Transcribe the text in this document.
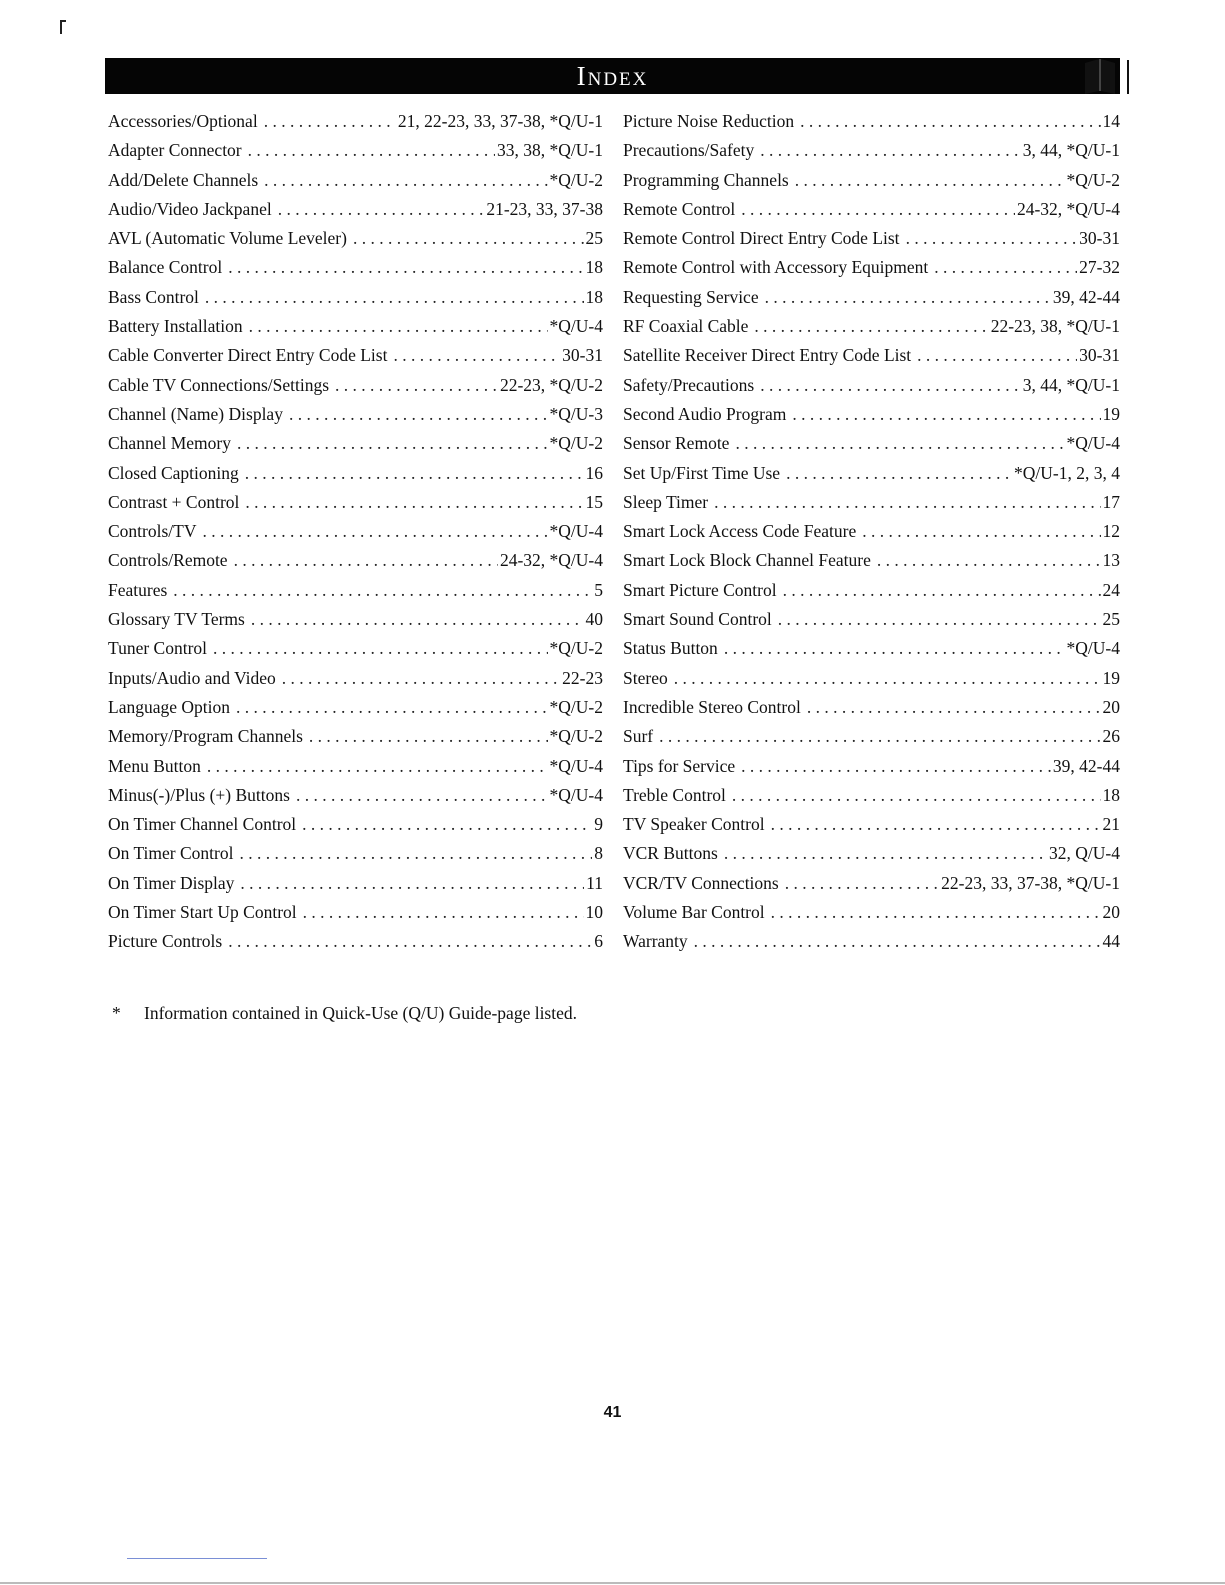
Index
Accessories/Optional . . .	21, 22-23, 33, 37-38, *Q/U-1
Adapter Connector . . .	33, 38, *Q/U-1
Add/Delete Channels . . .	*Q/U-2
Audio/Video Jackpanel . . .	21-23, 33, 37-38
AVL (Automatic Volume Leveler) . . .	25
Balance Control . . .	18
Bass Control . . .	18
Battery Installation . . .	*Q/U-4
Cable Converter Direct Entry Code List . . .	30-31
Cable TV Connections/Settings . . .	22-23, *Q/U-2
Channel (Name) Display . . .	*Q/U-3
Channel Memory . . .	*Q/U-2
Closed Captioning . . .	16
Contrast + Control . . .	15
Controls/TV . . .	*Q/U-4
Controls/Remote . . .	24-32, *Q/U-4
Features . . .	5
Glossary TV Terms . . .	40
Tuner Control . . .	*Q/U-2
Inputs/Audio and Video . . .	22-23
Language Option . . .	*Q/U-2
Memory/Program Channels . . .	*Q/U-2
Menu Button . . .	*Q/U-4
Minus(-)/Plus (+) Buttons . . .	*Q/U-4
On Timer Channel Control . . .	9
On Timer Control . . .	8
On Timer Display . . .	11
On Timer Start Up Control . . .	10
Picture Controls . . .	6
Picture Noise Reduction . . .	14
Precautions/Safety . . .	3, 44, *Q/U-1
Programming Channels . . .	*Q/U-2
Remote Control . . .	24-32, *Q/U-4
Remote Control Direct Entry Code List . . .	30-31
Remote Control with Accessory Equipment . . .	27-32
Requesting Service . . .	39, 42-44
RF Coaxial Cable . . .	22-23, 38, *Q/U-1
Satellite Receiver Direct Entry Code List . . .	30-31
Safety/Precautions . . .	3, 44, *Q/U-1
Second Audio Program . . .	19
Sensor Remote . . .	*Q/U-4
Set Up/First Time Use . . .	*Q/U-1, 2, 3, 4
Sleep Timer . . .	17
Smart Lock Access Code Feature . . .	12
Smart Lock Block Channel Feature . . .	13
Smart Picture Control . . .	24
Smart Sound Control . . .	25
Status Button . . .	*Q/U-4
Stereo . . .	19
Incredible Stereo Control . . .	20
Surf . . .	26
Tips for Service . . .	39, 42-44
Treble Control . . .	18
TV Speaker Control . . .	21
VCR Buttons . . .	32, Q/U-4
VCR/TV Connections . . .	22-23, 33, 37-38, *Q/U-1
Volume Bar Control . . .	20
Warranty . . .	44
* Information contained in Quick-Use (Q/U) Guide-page listed.
41
